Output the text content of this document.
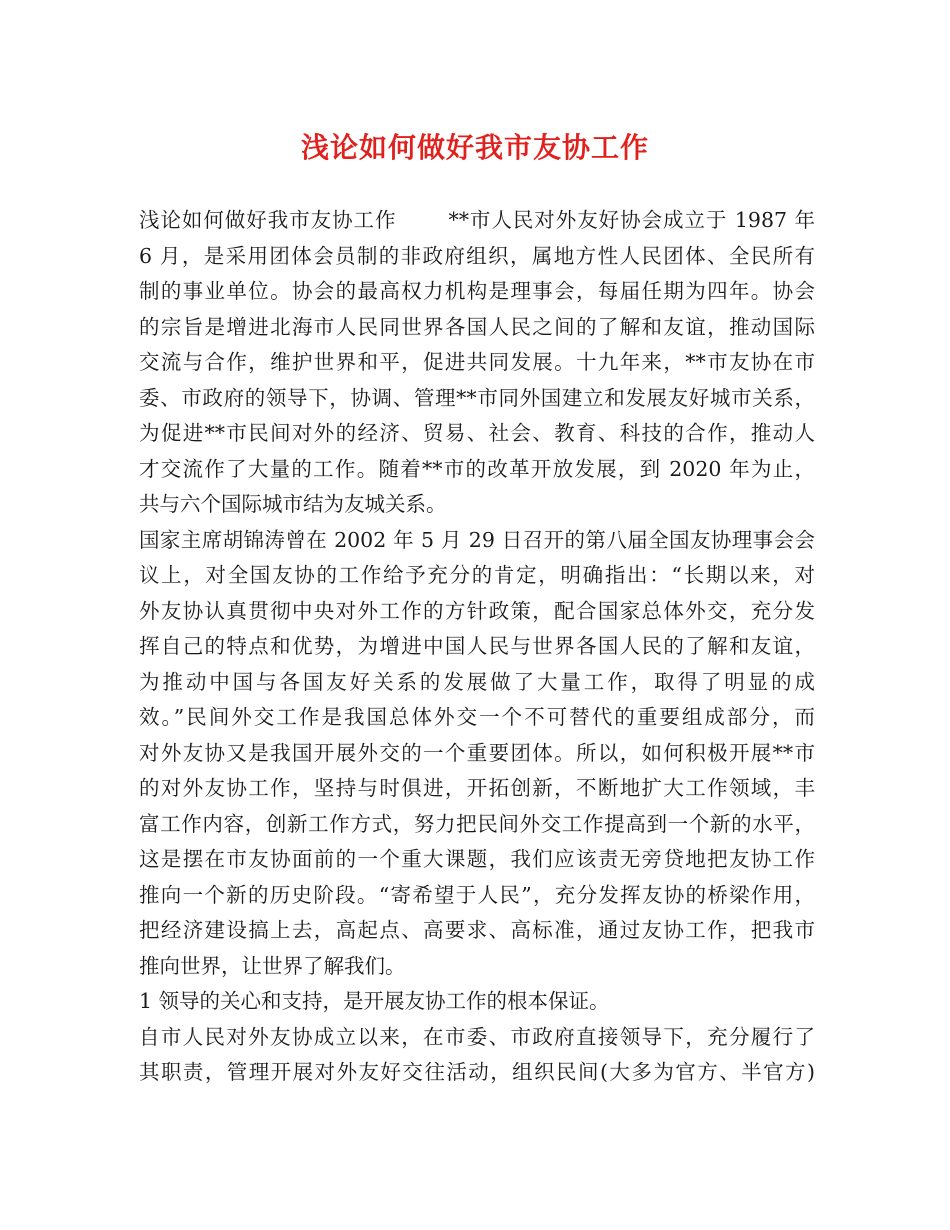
浅论如何做好我市友协工作
浅论如何做好我市友协工作	**市人民对外友好协会成立于 1987 年
6 月，是采用团体会员制的非政府组织，属地方性人民团体、全民所有
制的事业单位。协会的最高权力机构是理事会，每届任期为四年。协会
的宗旨是增进北海市人民同世界各国人民之间的了解和友谊，推动国际
交流与合作，维护世界和平，促进共同发展。十九年来，**市友协在市
委、市政府的领导下，协调、管理**市同外国建立和发展友好城市关系，
为促进**市民间对外的经济、贸易、社会、教育、科技的合作，推动人
才交流作了大量的工作。随着**市的改革开放发展，到 2020 年为止，
共与六个国际城市结为友城关系。
国家主席胡锦涛曾在 2002 年 5 月 29 日召开的第八届全国友协理事会会
议上，对全国友协的工作给予充分的肯定，明确指出：“长期以来，对
外友协认真贯彻中央对外工作的方针政策，配合国家总体外交，充分发
挥自己的特点和优势，为增进中国人民与世界各国人民的了解和友谊，
为推动中国与各国友好关系的发展做了大量工作，取得了明显的成
效。”民间外交工作是我国总体外交一个不可替代的重要组成部分，而
对外友协又是我国开展外交的一个重要团体。所以，如何积极开展**市
的对外友协工作，坚持与时俱进，开拓创新，不断地扩大工作领域，丰
富工作内容，创新工作方式，努力把民间外交工作提高到一个新的水平，
这是摆在市友协面前的一个重大课题，我们应该责无旁贷地把友协工作
推向一个新的历史阶段。“寄希望于人民”，充分发挥友协的桥梁作用，
把经济建设搞上去，高起点、高要求、高标准，通过友协工作，把我市
推向世界，让世界了解我们。
1 领导的关心和支持，是开展友协工作的根本保证。
自市人民对外友协成立以来，在市委、市政府直接领导下，充分履行了
其职责，管理开展对外友好交往活动，组织民间(大多为官方、半官方)
